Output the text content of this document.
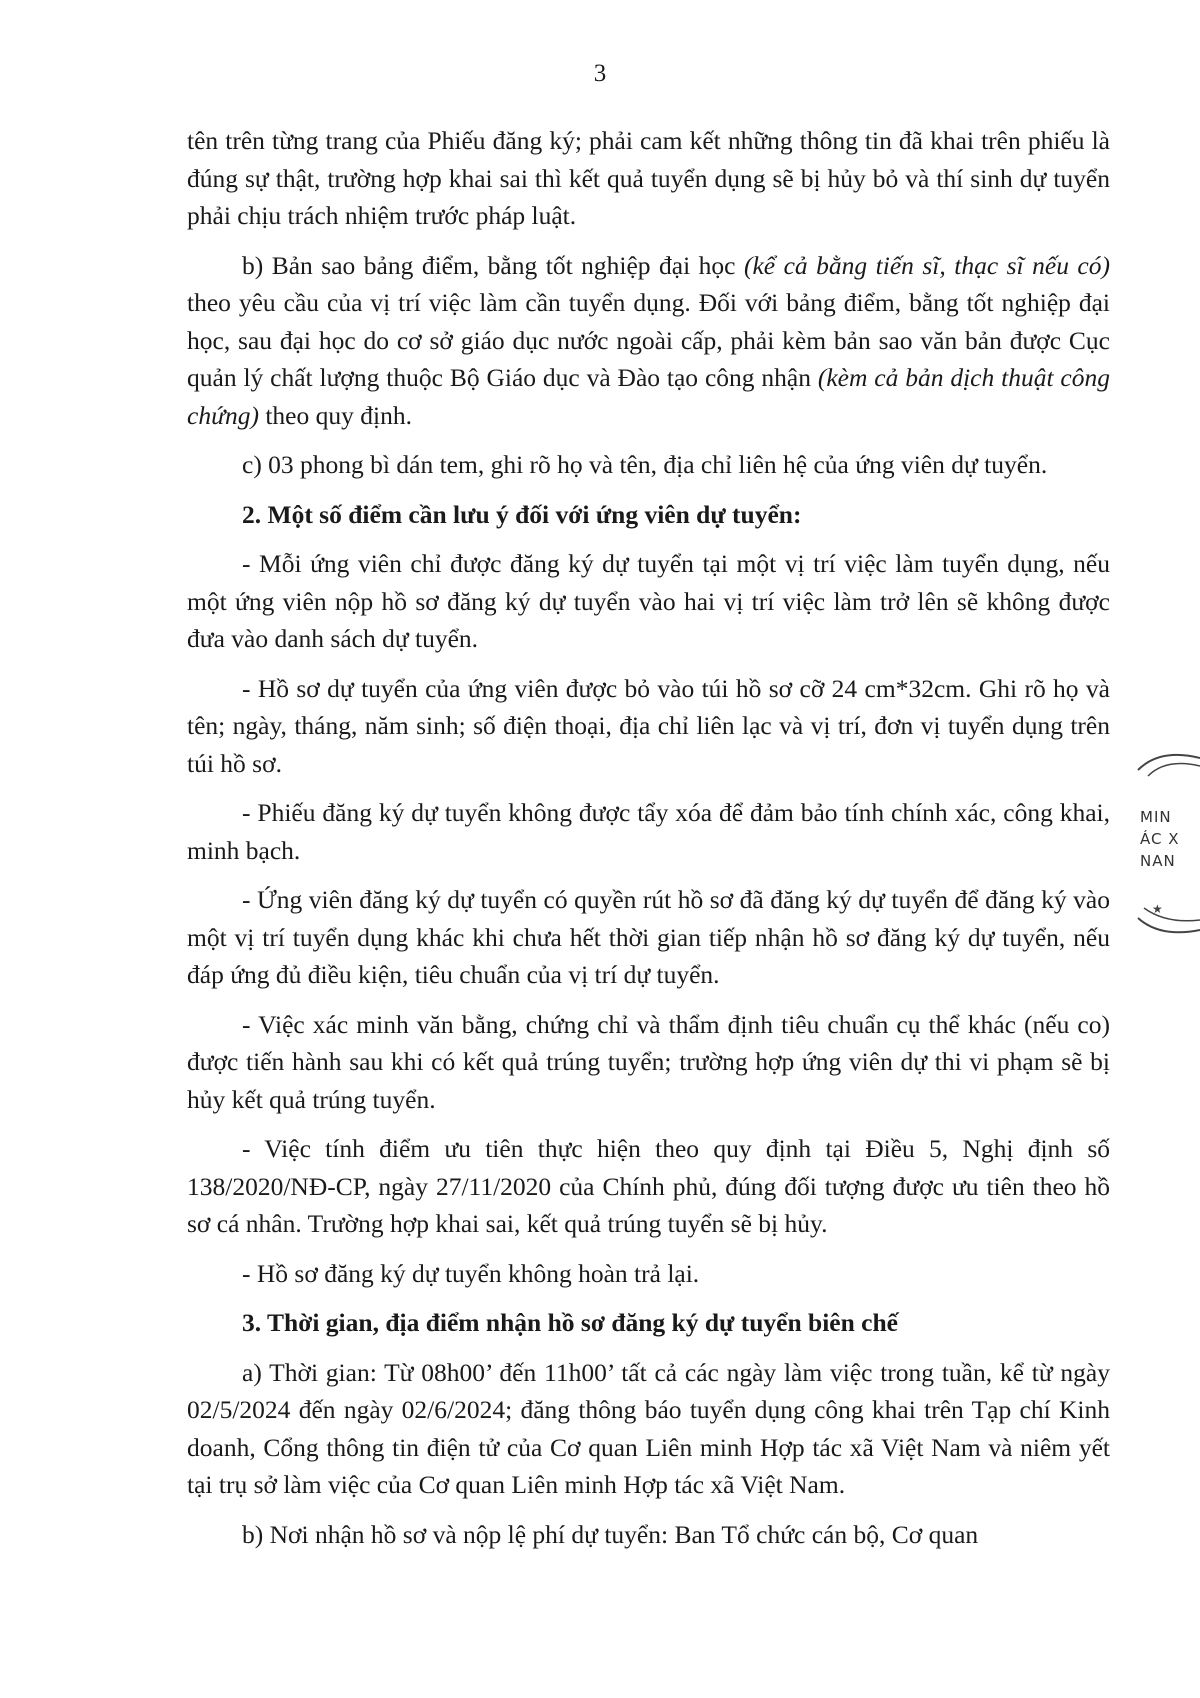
3

tên trên từng trang của Phiếu đăng ký; phải cam kết những thông tin đã khai trên phiếu là đúng sự thật, trường hợp khai sai thì kết quả tuyển dụng sẽ bị hủy bỏ và thí sinh dự tuyển phải chịu trách nhiệm trước pháp luật.

b) Bản sao bảng điểm, bằng tốt nghiệp đại học (kể cả bằng tiến sĩ, thạc sĩ nếu có) theo yêu cầu của vị trí việc làm cần tuyển dụng. Đối với bảng điểm, bằng tốt nghiệp đại học, sau đại học do cơ sở giáo dục nước ngoài cấp, phải kèm bản sao văn bản được Cục quản lý chất lượng thuộc Bộ Giáo dục và Đào tạo công nhận (kèm cả bản dịch thuật công chứng) theo quy định.

c) 03 phong bì dán tem, ghi rõ họ và tên, địa chỉ liên hệ của ứng viên dự tuyển.

2. Một số điểm cần lưu ý đối với ứng viên dự tuyển:

- Mỗi ứng viên chỉ được đăng ký dự tuyển tại một vị trí việc làm tuyển dụng, nếu một ứng viên nộp hồ sơ đăng ký dự tuyển vào hai vị trí việc làm trở lên sẽ không được đưa vào danh sách dự tuyển.

- Hồ sơ dự tuyển của ứng viên được bỏ vào túi hồ sơ cỡ 24 cm*32cm. Ghi rõ họ và tên; ngày, tháng, năm sinh; số điện thoại, địa chỉ liên lạc và vị trí, đơn vị tuyển dụng trên túi hồ sơ.

- Phiếu đăng ký dự tuyển không được tẩy xóa để đảm bảo tính chính xác, công khai, minh bạch.

- Ứng viên đăng ký dự tuyển có quyền rút hồ sơ đã đăng ký dự tuyển để đăng ký vào một vị trí tuyển dụng khác khi chưa hết thời gian tiếp nhận hồ sơ đăng ký dự tuyển, nếu đáp ứng đủ điều kiện, tiêu chuẩn của vị trí dự tuyển.

- Việc xác minh văn bằng, chứng chỉ và thẩm định tiêu chuẩn cụ thể khác (nếu co) được tiến hành sau khi có kết quả trúng tuyển; trường hợp ứng viên dự thi vi phạm sẽ bị hủy kết quả trúng tuyển.

- Việc tính điểm ưu tiên thực hiện theo quy định tại Điều 5, Nghị định số 138/2020/NĐ-CP, ngày 27/11/2020 của Chính phủ, đúng đối tượng được ưu tiên theo hồ sơ cá nhân. Trường hợp khai sai, kết quả trúng tuyển sẽ bị hủy.

- Hồ sơ đăng ký dự tuyển không hoàn trả lại.

3. Thời gian, địa điểm nhận hồ sơ đăng ký dự tuyển biên chế

a) Thời gian: Từ 08h00’ đến 11h00’ tất cả các ngày làm việc trong tuần, kể từ ngày 02/5/2024 đến ngày 02/6/2024; đăng thông báo tuyển dụng công khai trên Tạp chí Kinh doanh, Cổng thông tin điện tử của Cơ quan Liên minh Hợp tác xã Việt Nam và niêm yết tại trụ sở làm việc của Cơ quan Liên minh Hợp tác xã Việt Nam.

b) Nơi nhận hồ sơ và nộp lệ phí dự tuyển: Ban Tổ chức cán bộ, Cơ quan

★
MIN
ÁC X
NAN
